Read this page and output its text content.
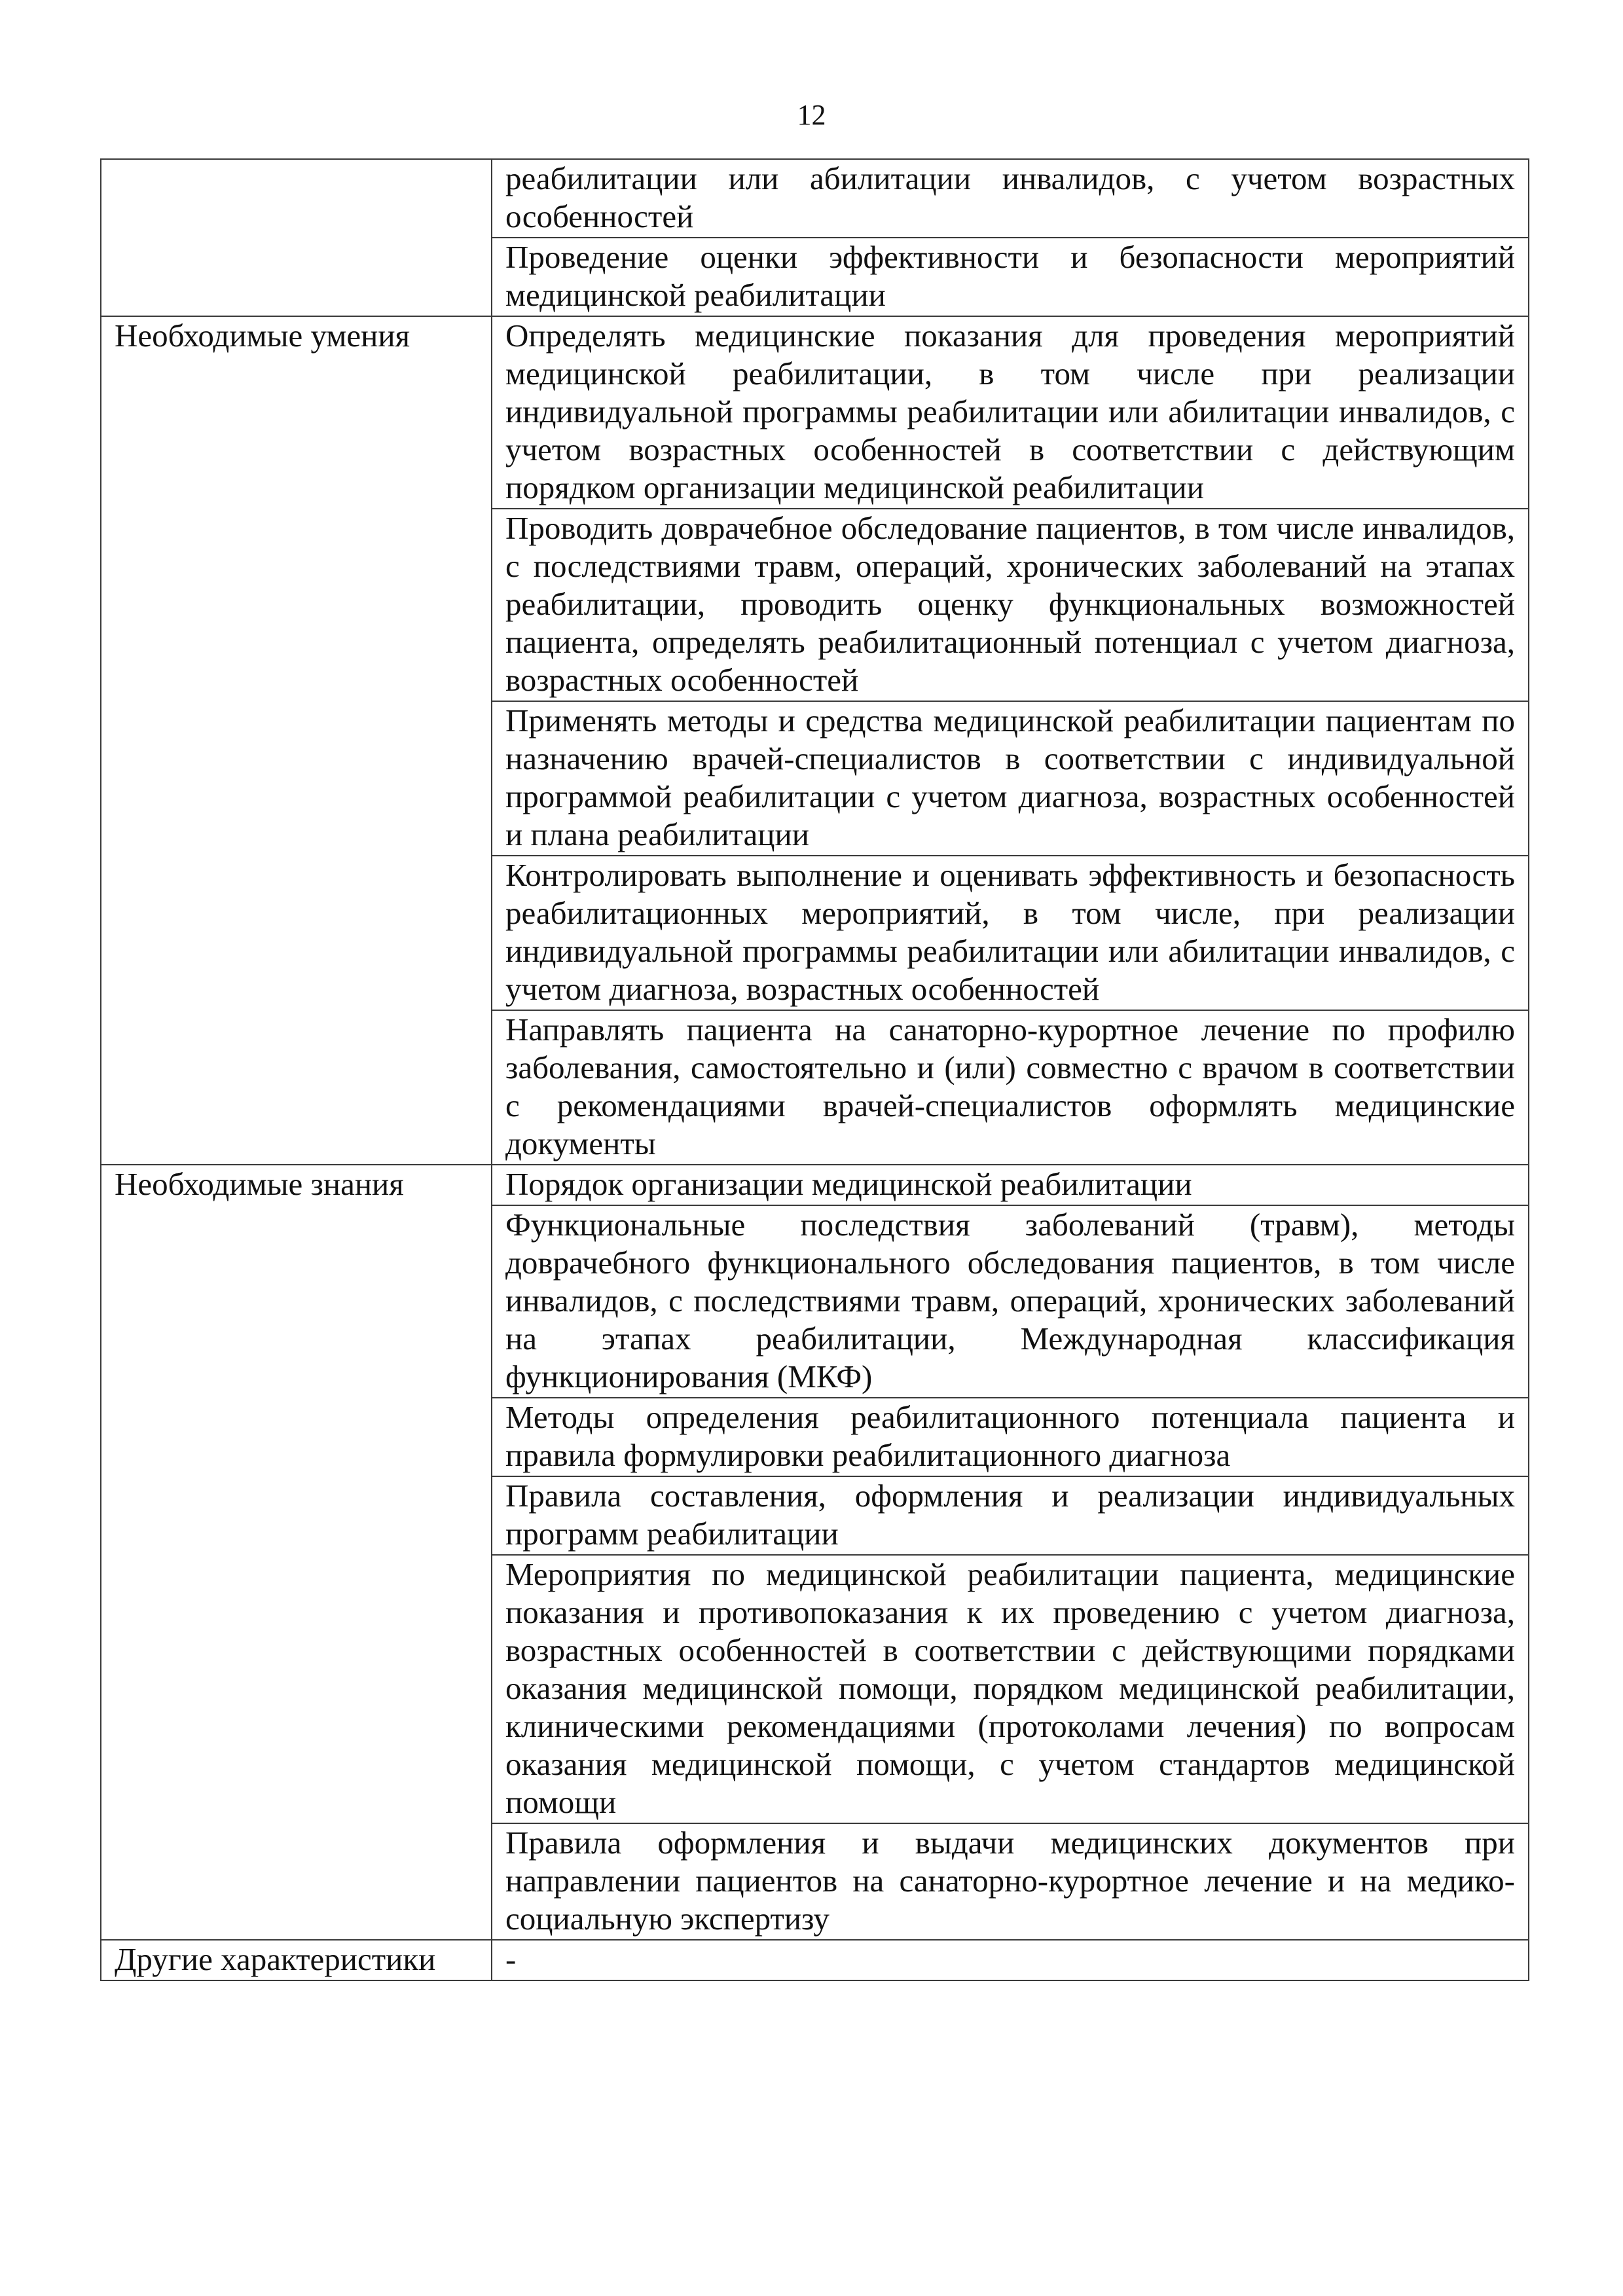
12

	реабилитации или абилитации инвалидов, с учетом возрастных особенностей

	Проведение оценки эффективности и безопасности мероприятий медицинской реабилитации

Необходимые умения	Определять медицинские показания для проведения мероприятий медицинской реабилитации, в том числе при реализации индивидуальной программы реабилитации или абилитации инвалидов, с учетом возрастных особенностей в соответствии с действующим порядком организации медицинской реабилитации

	Проводить доврачебное обследование пациентов, в том числе инвалидов, с последствиями травм, операций, хронических заболеваний на этапах реабилитации, проводить оценку функциональных возможностей пациента, определять реабилитационный потенциал с учетом диагноза, возрастных особенностей

	Применять методы и средства медицинской реабилитации пациентам по назначению врачей-специалистов в соответствии с индивидуальной программой реабилитации с учетом диагноза, возрастных особенностей и плана реабилитации

	Контролировать выполнение и оценивать эффективность и безопасность реабилитационных мероприятий, в том числе, при реализации индивидуальной программы реабилитации или абилитации инвалидов, с учетом диагноза, возрастных особенностей

	Направлять пациента на санаторно-курортное лечение по профилю заболевания, самостоятельно и (или) совместно с врачом в соответствии с рекомендациями врачей-специалистов оформлять медицинские документы

Необходимые знания	Порядок организации медицинской реабилитации

	Функциональные последствия заболеваний (травм), методы доврачебного функционального обследования пациентов, в том числе инвалидов, с последствиями травм, операций, хронических заболеваний на этапах реабилитации, Международная классификация функционирования (МКФ)

	Методы определения реабилитационного потенциала пациента и правила формулировки реабилитационного диагноза

	Правила составления, оформления и реализации индивидуальных программ реабилитации

	Мероприятия по медицинской реабилитации пациента, медицинские показания и противопоказания к их проведению с учетом диагноза, возрастных особенностей в соответствии с действующими порядками оказания медицинской помощи, порядком медицинской реабилитации, клиническими рекомендациями (протоколами лечения) по вопросам оказания медицинской помощи, с учетом стандартов медицинской помощи

	Правила оформления и выдачи медицинских документов при направлении пациентов на санаторно-курортное лечение и на медико-социальную экспертизу

Другие характеристики	-
